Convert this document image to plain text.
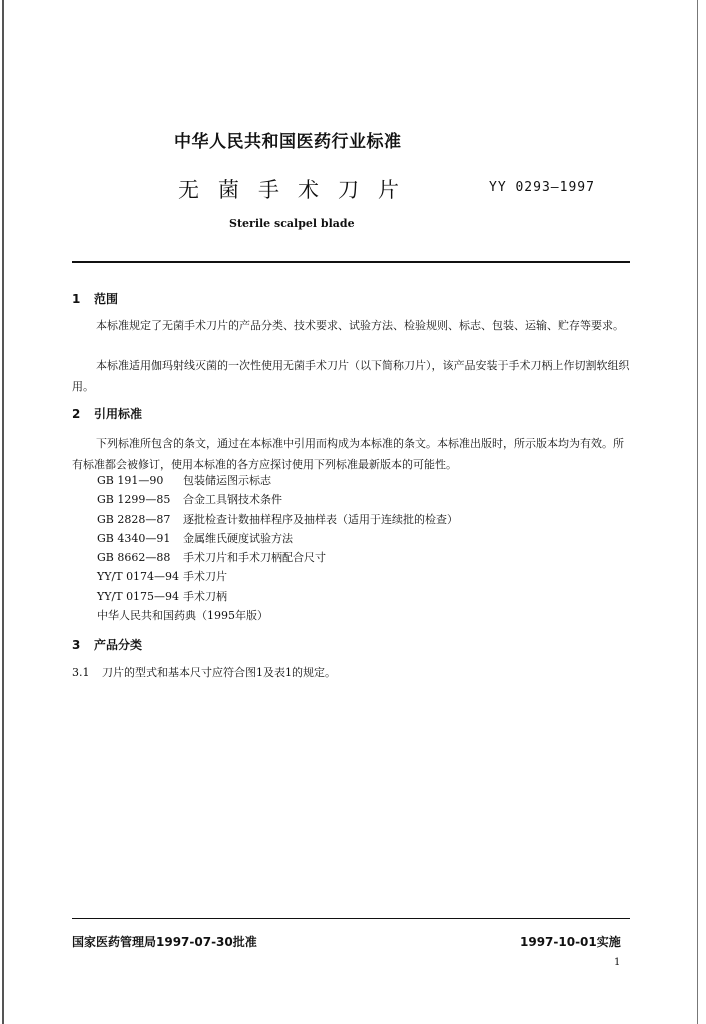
中华人民共和国医药行业标准
无菌手术刀片	YY 0293—1997
Sterile scalpel blade
1 范围
本标准规定了无菌手术刀片的产品分类、技术要求、试验方法、检验规则、标志、包装、运输、贮存等要求。
本标准适用伽玛射线灭菌的一次性使用无菌手术刀片（以下简称刀片），该产品安装于手术刀柄上作切割软组织用。
2 引用标准
下列标准所包含的条文，通过在本标准中引用而构成为本标准的条文。本标准出版时，所示版本均为有效。所有标准都会被修订，使用本标准的各方应探讨使用下列标准最新版本的可能性。
GB 191—90 包装储运图示标志
GB 1299—85 合金工具钢技术条件
GB 2828—87 逐批检查计数抽样程序及抽样表（适用于连续批的检查）
GB 4340—91 金属维氏硬度试验方法
GB 8662—88 手术刀片和手术刀柄配合尺寸
YY/T 0174—94 手术刀片
YY/T 0175—94 手术刀柄
中华人民共和国药典（1995年版）
3 产品分类
3.1 刀片的型式和基本尺寸应符合图1及表1的规定。
国家医药管理局1997-07-30批准	1997-10-01实施
1
